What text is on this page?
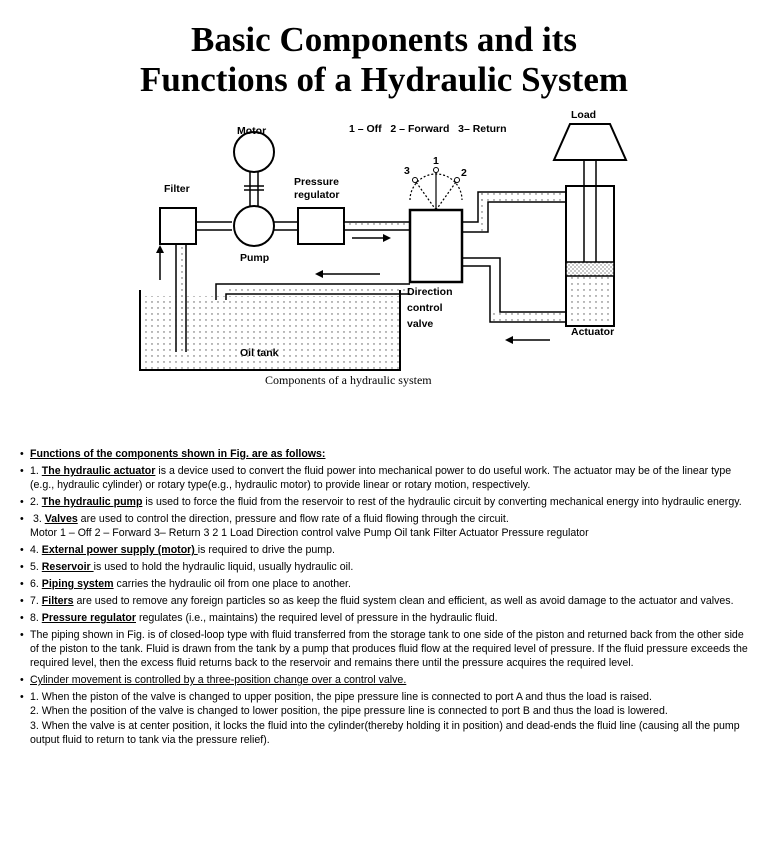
Basic Components and its
Functions of a Hydraulic System
Motor
Filter
Pump
Pressure
regulator
1 – Off   2 – Forward   3– Return
3
1
2
Load
Direction
control
valve
Actuator
Oil tank
Components of a hydraulic system
• Functions of the components shown in Fig. are as follows:
• 1. The hydraulic actuator is a device used to convert the fluid power into mechanical power to do useful work. The actuator may be of the linear type (e.g., hydraulic cylinder) or rotary type(e.g., hydraulic motor) to provide linear or rotary motion, respectively.
• 2. The hydraulic pump is used to force the fluid from the reservoir to rest of the hydraulic circuit by converting mechanical energy into hydraulic energy.
•  3. Valves are used to control the direction, pressure and flow rate of a fluid flowing through the circuit.
Motor 1 – Off 2 – Forward 3– Return 3 2 1 Load Direction control valve Pump Oil tank Filter Actuator Pressure regulator
• 4. External power supply (motor) is required to drive the pump.
• 5. Reservoir is used to hold the hydraulic liquid, usually hydraulic oil.
• 6. Piping system carries the hydraulic oil from one place to another.
• 7. Filters are used to remove any foreign particles so as keep the fluid system clean and efficient, as well as avoid damage to the actuator and valves.
• 8. Pressure regulator regulates (i.e., maintains) the required level of pressure in the hydraulic fluid.
• The piping shown in Fig. is of closed-loop type with fluid transferred from the storage tank to one side of the piston and returned back from the other side of the piston to the tank. Fluid is drawn from the tank by a pump that produces fluid flow at the required level of pressure. If the fluid pressure exceeds the required level, then the excess fluid returns back to the reservoir and remains there until the pressure acquires the required level.
• Cylinder movement is controlled by a three-position change over a control valve.
• 1. When the piston of the valve is changed to upper position, the pipe pressure line is connected to port A and thus the load is raised.
2. When the position of the valve is changed to lower position, the pipe pressure line is connected to port B and thus the load is lowered.
3. When the valve is at center position, it locks the fluid into the cylinder(thereby holding it in position) and dead-ends the fluid line (causing all the pump output fluid to return to tank via the pressure relief).
